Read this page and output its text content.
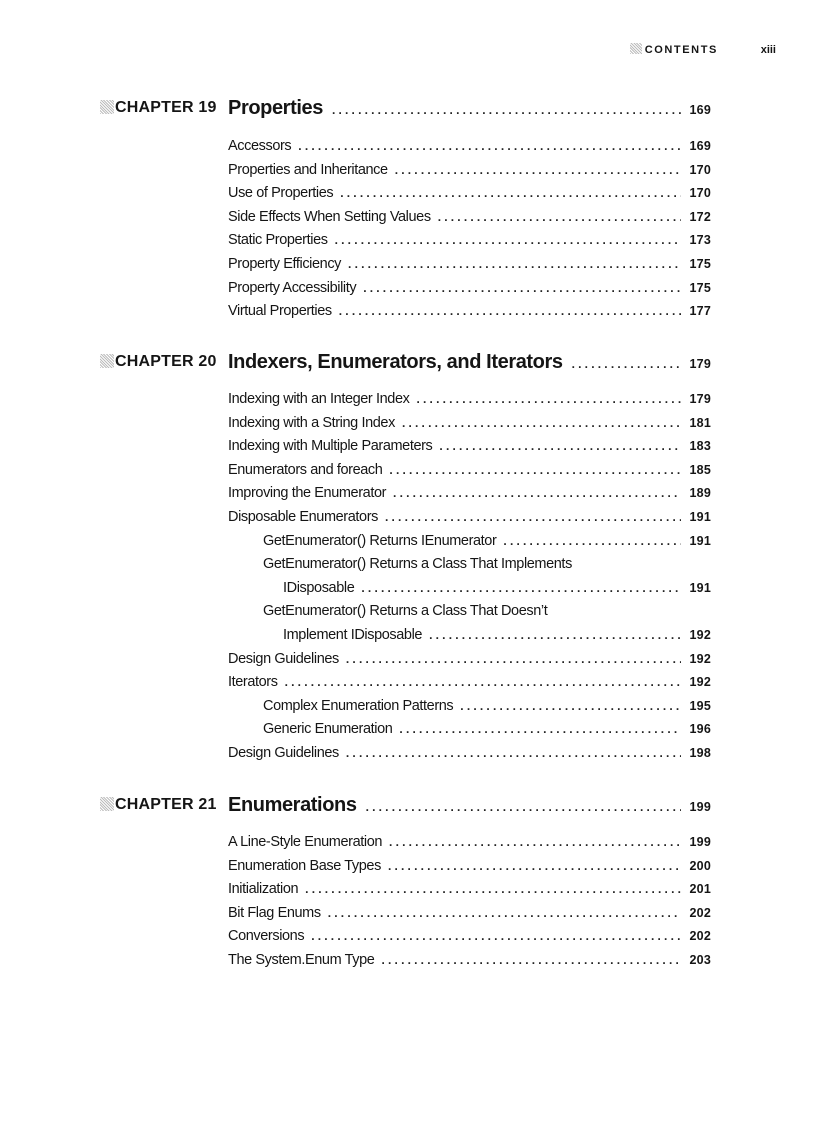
CONTENTS	xiii
CHAPTER 19 Properties .....	169
Accessors .....	169
Properties and Inheritance .....	170
Use of Properties .....	170
Side Effects When Setting Values .....	172
Static Properties .....	173
Property Efficiency .....	175
Property Accessibility .....	175
Virtual Properties .....	177
CHAPTER 20 Indexers, Enumerators, and Iterators .....	179
Indexing with an Integer Index .....	179
Indexing with a String Index .....	181
Indexing with Multiple Parameters .....	183
Enumerators and foreach .....	185
Improving the Enumerator .....	189
Disposable Enumerators .....	191
GetEnumerator() Returns IEnumerator .....	191
GetEnumerator() Returns a Class That Implements
IDisposable .....	191
GetEnumerator() Returns a Class That Doesn’t
Implement IDisposable .....	192
Design Guidelines .....	192
Iterators .....	192
Complex Enumeration Patterns .....	195
Generic Enumeration .....	196
Design Guidelines .....	198
CHAPTER 21 Enumerations .....	199
A Line-Style Enumeration .....	199
Enumeration Base Types .....	200
Initialization .....	201
Bit Flag Enums .....	202
Conversions .....	202
The System.Enum Type .....	203
